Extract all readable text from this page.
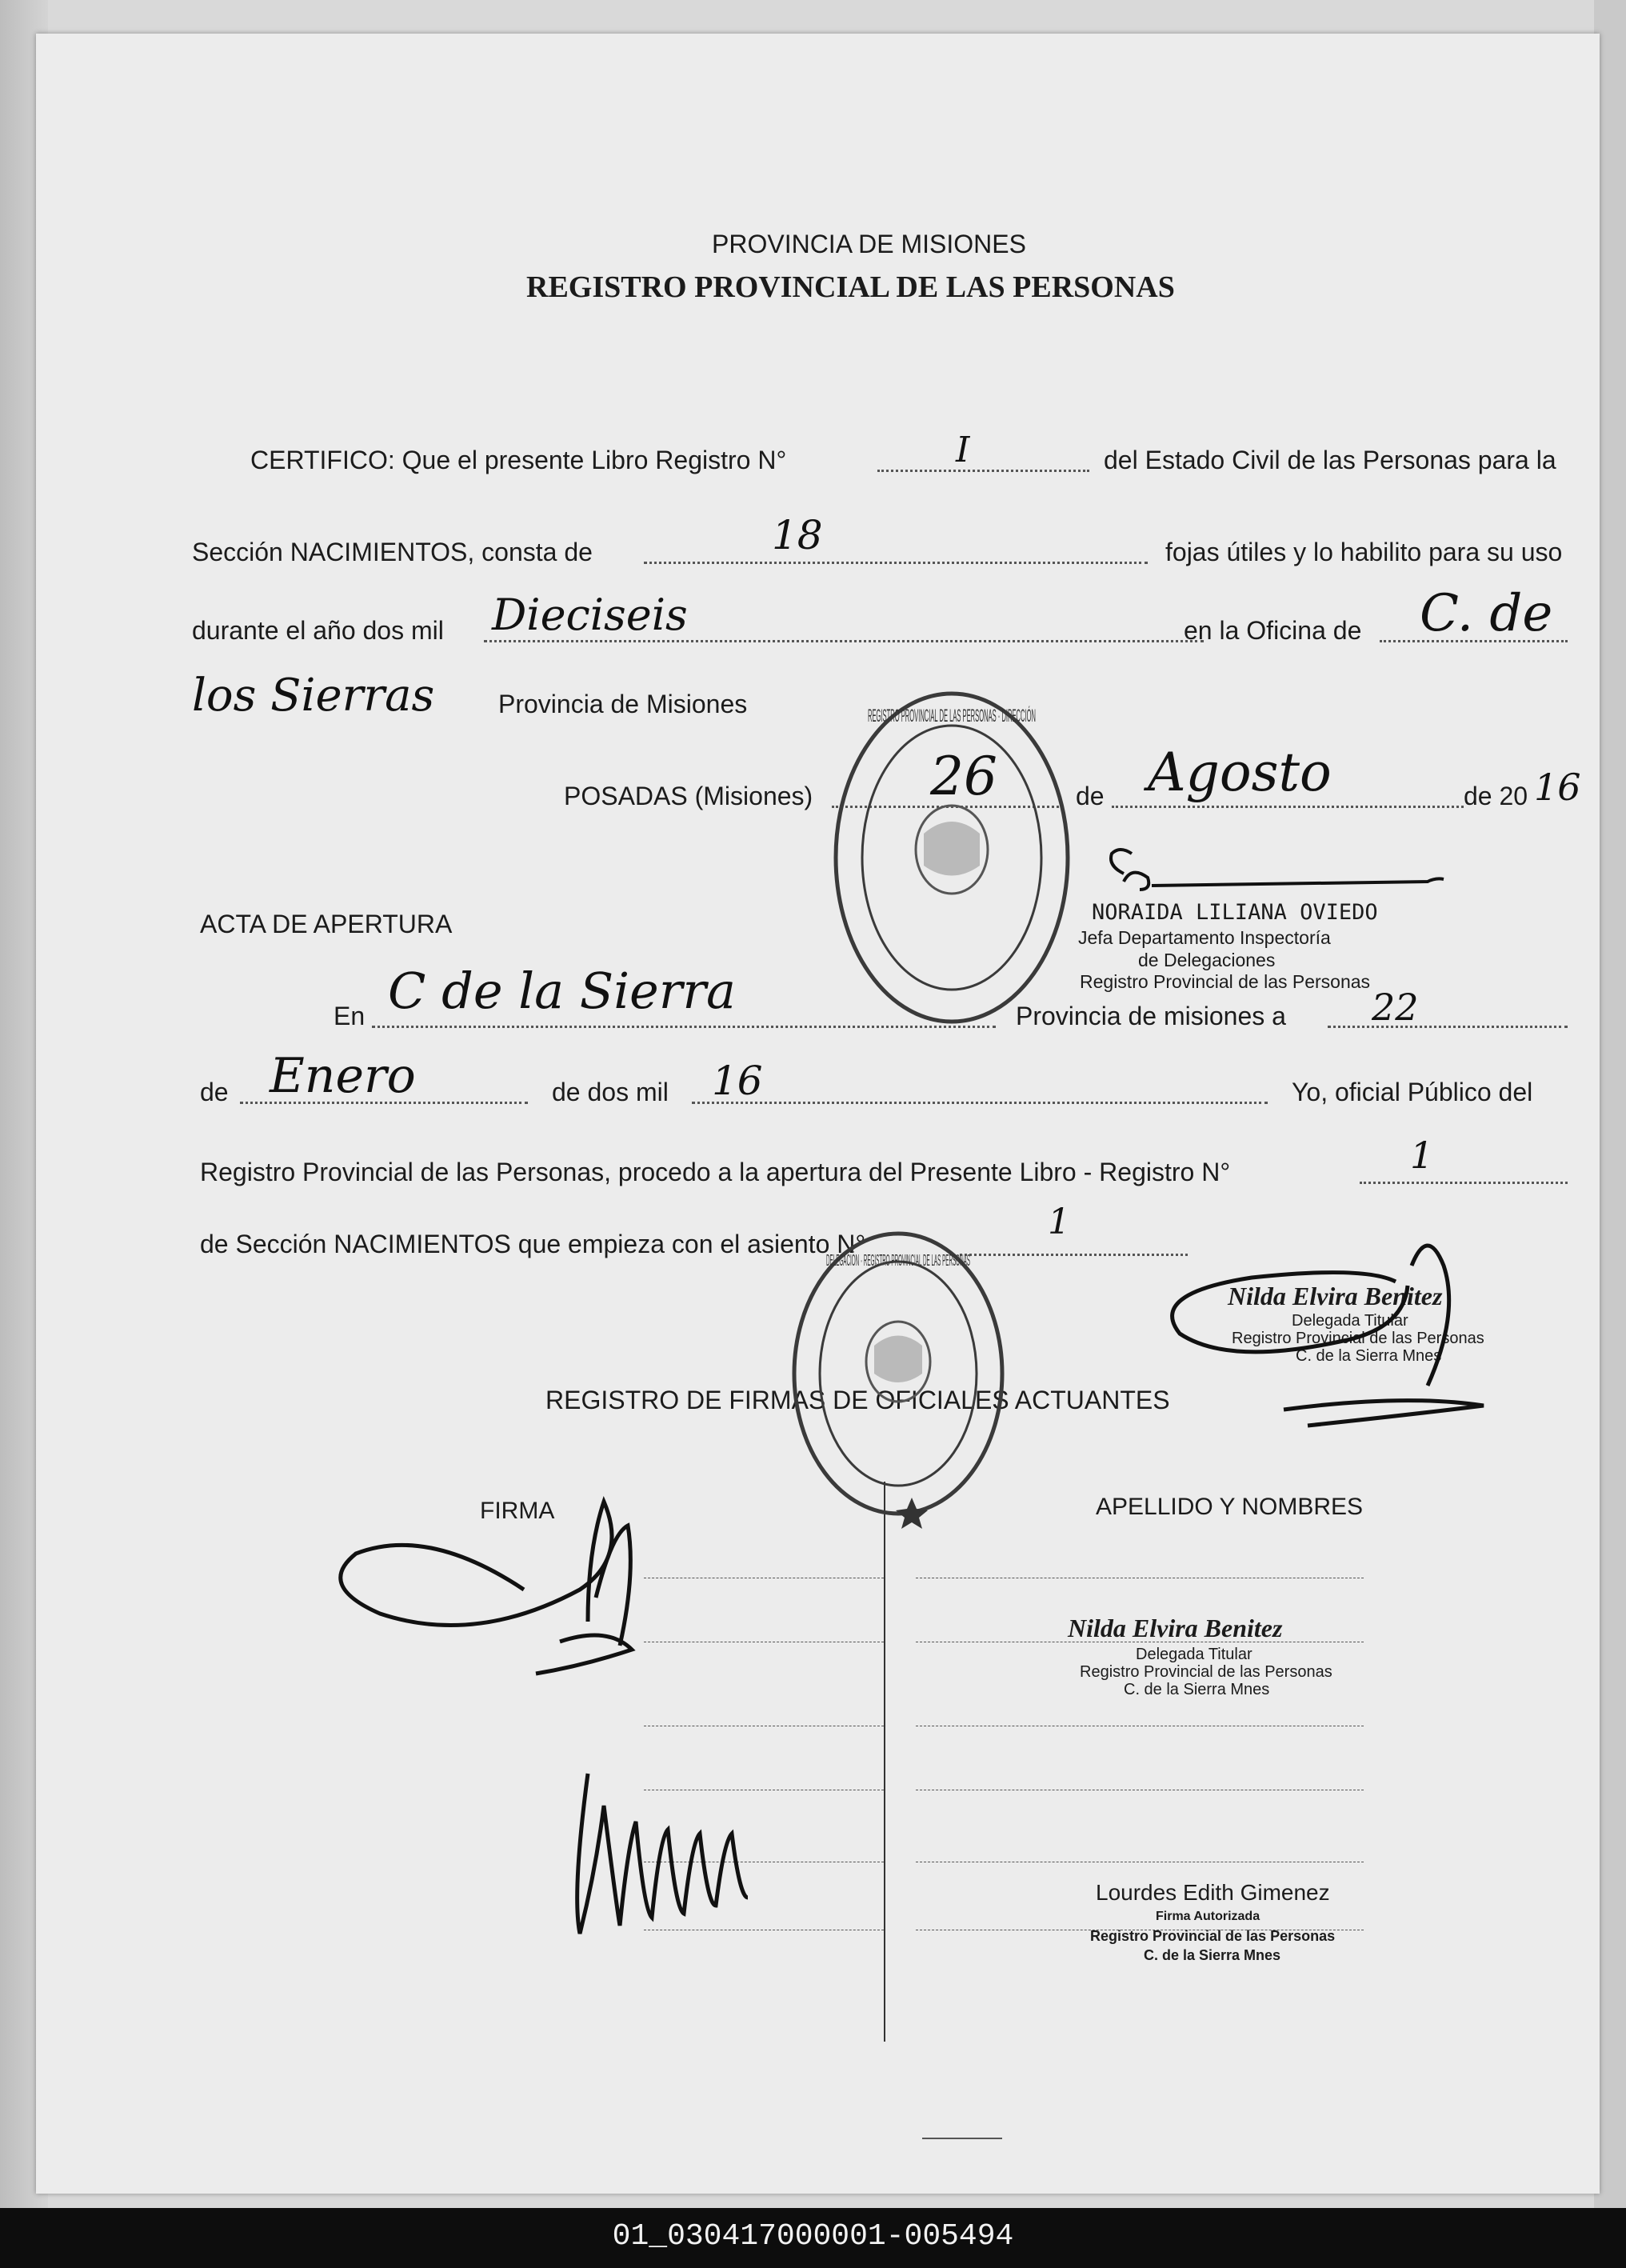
PROVINCIA DE MISIONES
REGISTRO PROVINCIAL DE LAS PERSONAS
CERTIFICO: Que el presente Libro Registro N°	I	del Estado Civil de las Personas para la
Sección NACIMIENTOS, consta de	18	fojas útiles y lo habilito para su uso
durante el año dos mil Dieciseis	en la Oficina de C. de
los Sierras Provincia de Misiones
POSADAS (Misiones) 26	de Agosto	de 20 16
NORAIDA LILIANA OVIEDO
Jefa Departamento Inspectoría
de Delegaciones
Registro Provincial de las Personas
ACTA DE APERTURA
En C de la Sierra	Provincia de misiones a 22
de Enero	de dos mil 16	Yo, oficial Público del
Registro Provincial de las Personas, procedo a la apertura del Presente Libro - Registro N°	1
de Sección NACIMIENTOS que empieza con el asiento N°
1
Nilda Elvira Benitez
Delegada Titular
Registro Provincial de las Personas
C. de la Sierra Mnes
REGISTRO DE FIRMAS DE OFICIALES ACTUANTES
FIRMA	APELLIDO Y NOMBRES
Nilda Elvira Benitez
Delegada Titular
Registro Provincial de las Personas
C. de la Sierra Mnes
Lourdes Edith Gimenez
Firma Autorizada
Registro Provincial de las Personas
C. de la Sierra Mnes
REGISTRO PROVINCIAL DE LAS PERSONAS · DIRECCIÓN
DELEGACIÓN · REGISTRO PROVINCIAL DE LAS PERSONAS
01_030417000001-005494
